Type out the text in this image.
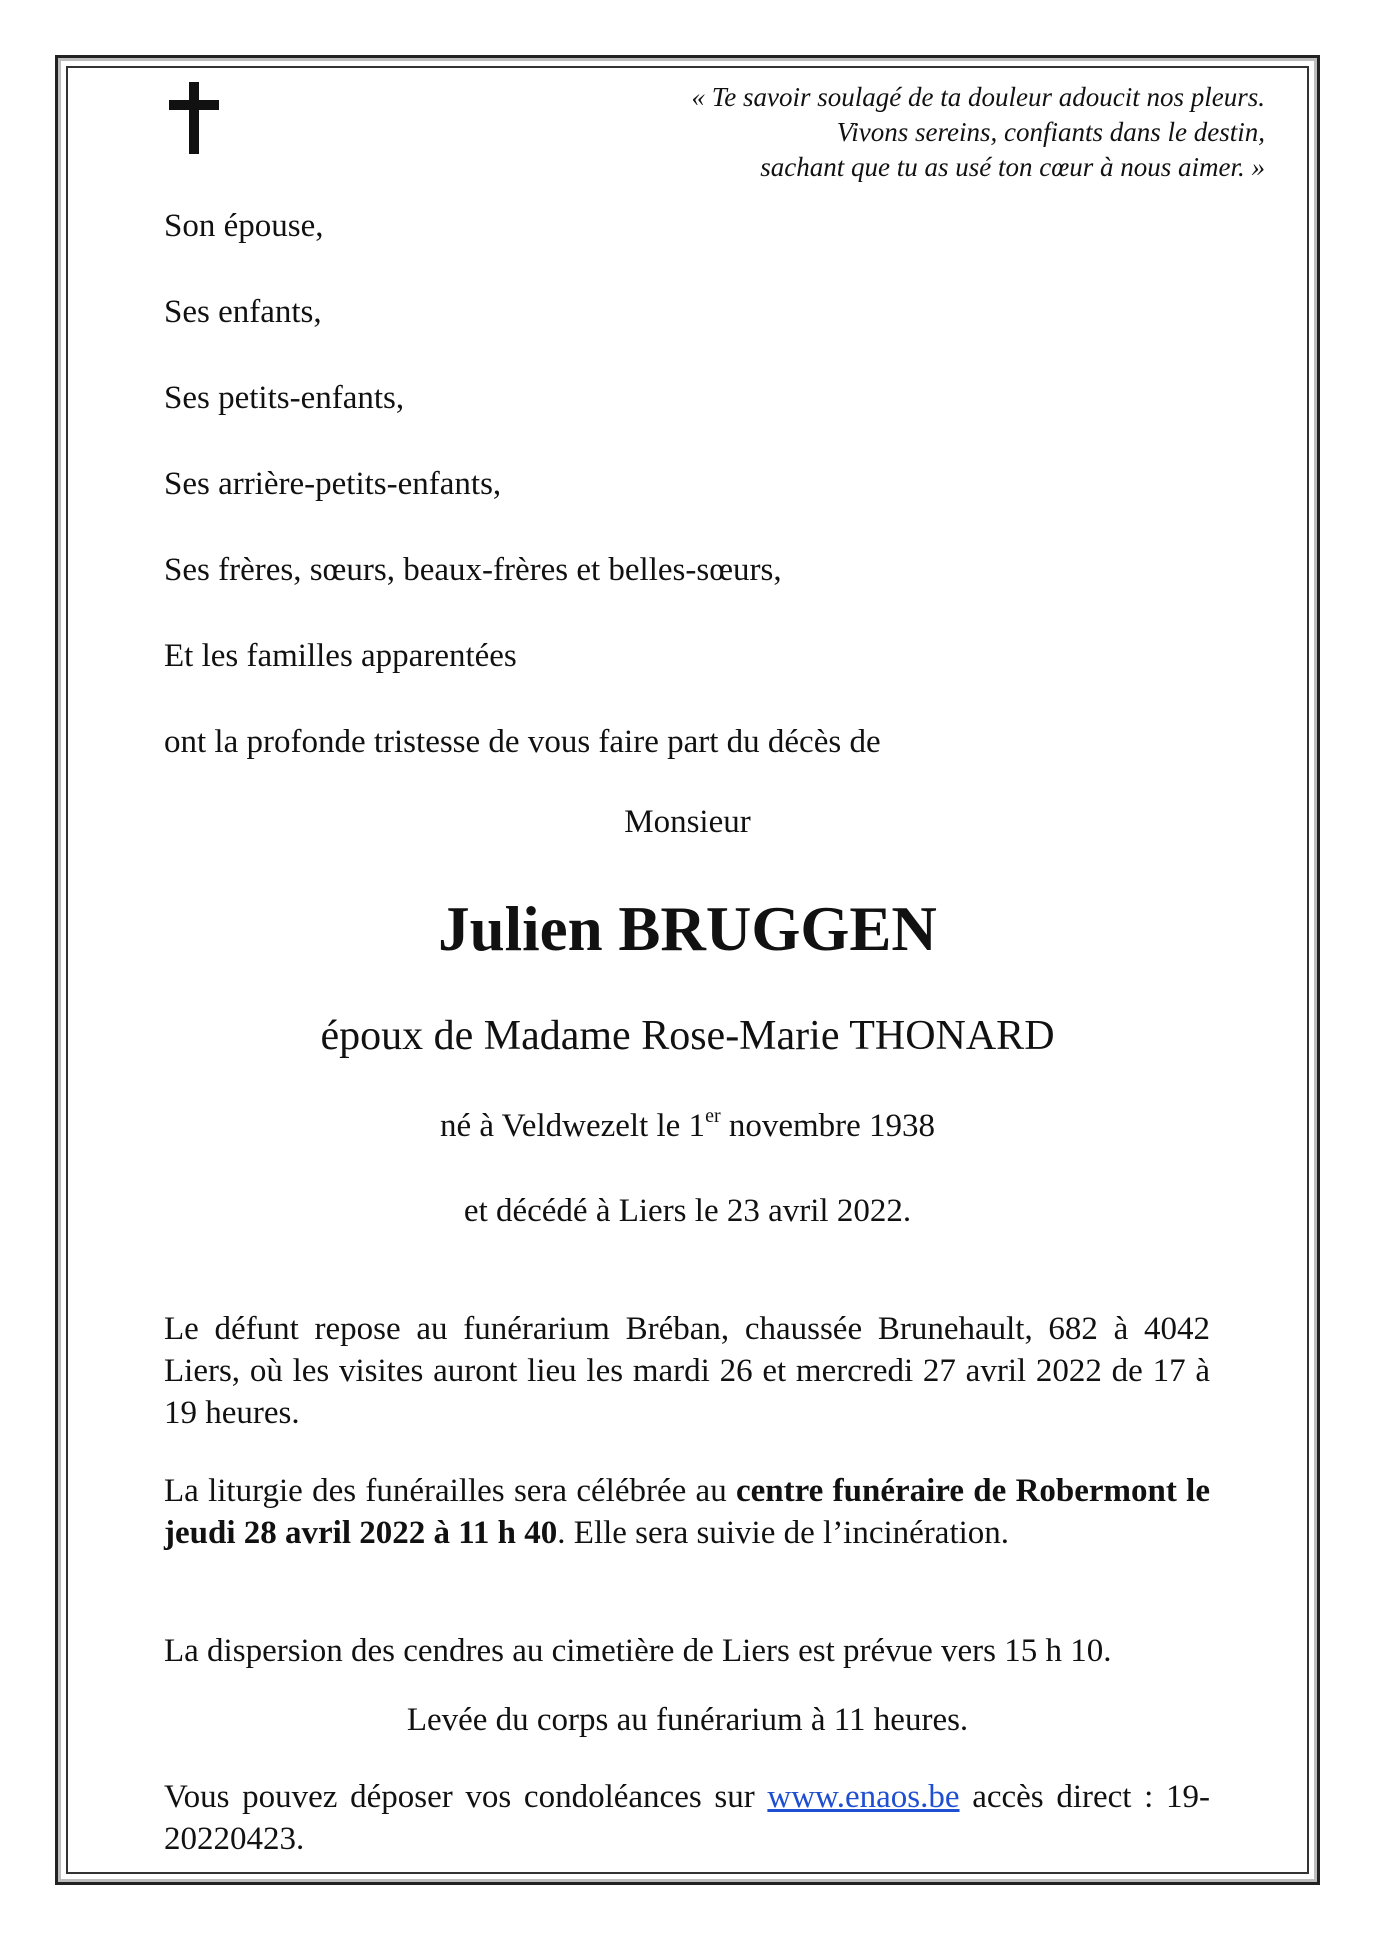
« Te savoir soulagé de ta douleur adoucit nos pleurs.
Vivons sereins, confiants dans le destin,
sachant que tu as usé ton cœur à nous aimer. »
Son épouse,
Ses enfants,
Ses petits-enfants,
Ses arrière-petits-enfants,
Ses frères, sœurs, beaux-frères et belles-sœurs,
Et les familles apparentées
ont la profonde tristesse de vous faire part du décès de
Monsieur
Julien BRUGGEN
époux de Madame Rose-Marie THONARD
né à Veldwezelt le 1er novembre 1938
et décédé à Liers le 23 avril 2022.
Le défunt repose au funérarium Bréban, chaussée Brunehault, 682 à 4042 Liers, où les visites auront lieu les mardi 26 et mercredi 27 avril 2022 de 17 à 19 heures.
La liturgie des funérailles sera célébrée au centre funéraire de Robermont le jeudi 28 avril 2022 à 11 h 40. Elle sera suivie de l’incinération.
La dispersion des cendres au cimetière de Liers est prévue vers 15 h 10.
Levée du corps au funérarium à 11 heures.
Vous pouvez déposer vos condoléances sur www.enaos.be accès direct : 19-20220423.
